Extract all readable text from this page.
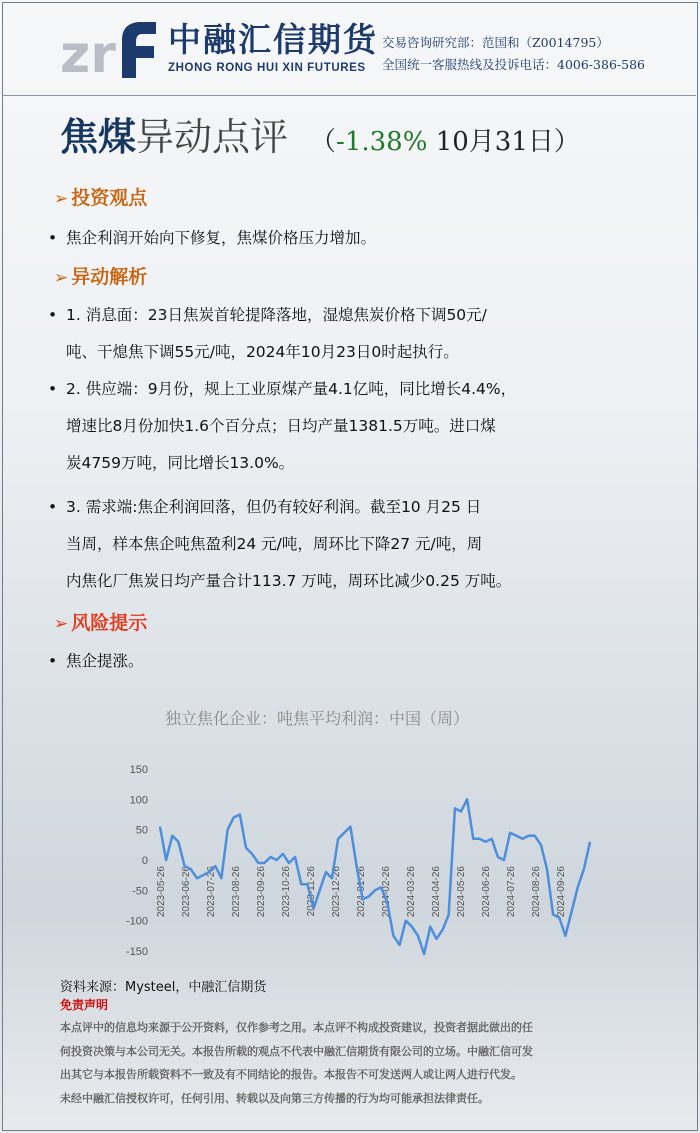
zr 中融汇信期货
ZHONG RONG HUI XIN FUTURES
交易咨询研究部：范国和（Z0014795）
全国统一客服热线及投诉电话：4006-386-586
焦煤异动点评 （-1.38% 10月31日）
➢ 投资观点
• 焦企利润开始向下修复，焦煤价格压力增加。
➢ 异动解析
• 1. 消息面：23日焦炭首轮提降落地，湿熄焦炭价格下调50元/
吨、干熄焦下调55元/吨，2024年10月23日0时起执行。
• 2. 供应端：9月份，规上工业原煤产量4.1亿吨，同比增长4.4%，
增速比8月份加快1.6个百分点；日均产量1381.5万吨。进口煤
炭4759万吨，同比增长13.0%。
• 3. 需求端:焦企利润回落，但仍有较好利润。截至10 月25 日
当周，样本焦企吨焦盈利24 元/吨，周环比下降27 元/吨，周
内焦化厂焦炭日均产量合计113.7 万吨，周环比减少0.25 万吨。
➢ 风险提示
• 焦企提涨。
独立焦化企业：吨焦平均利润：中国（周）
150
100
50
0
-50
-100
-150
2023-05-26 2023-06-26 2023-07-26 2023-08-26 2023-09-26 2023-10-26 2023-11-26 2023-12-26 2024-01-26 2024-02-26 2024-03-26 2024-04-26 2024-05-26 2024-06-26 2024-07-26 2024-08-26 2024-09-26
资料来源：Mysteel，中融汇信期货
免责声明
本点评中的信息均来源于公开资料，仅作参考之用。本点评不构成投资建议，投资者据此做出的任
何投资决策与本公司无关。本报告所载的观点不代表中融汇信期货有限公司的立场。中融汇信可发
出其它与本报告所载资料不一致及有不同结论的报告。本报告不可发送两人或让两人进行代发。
未经中融汇信授权许可，任何引用、转载以及向第三方传播的行为均可能承担法律责任。
